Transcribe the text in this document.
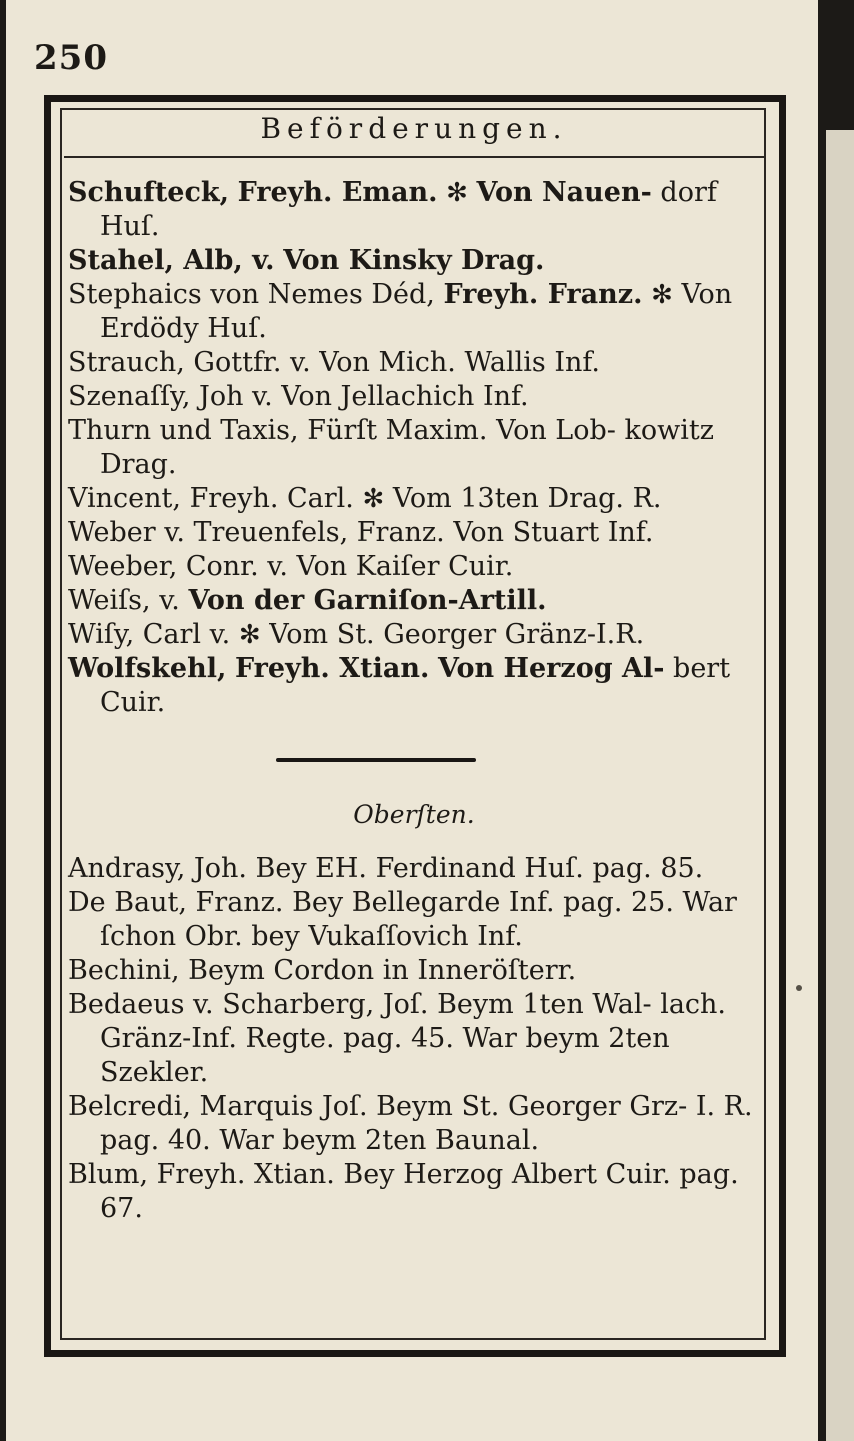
250
Beförderungen.

Schufteck, Freyh. Eman. ✻ Von Nauen- dorf Huſ.

Stahel, Alb, v. Von Kinsky Drag.

Stephaics von Nemes Déd, Freyh. Franz. ✻ Von Erdödy Huſ.

Strauch, Gottfr. v. Von Mich. Wallis Inf.

Szenaſſy, Joh v. Von Jellachich Inf.

Thurn und Taxis, Fürſt Maxim. Von Lob- kowitz Drag.

Vincent, Freyh. Carl. ✻ Vom 13ten Drag. R.

Weber v. Treuenfels, Franz. Von Stuart Inf.

Weeber, Conr. v. Von Kaiſer Cuir.

Weiſs, v. Von der Garniſon-Artill.

Wiſy, Carl v. ✻ Vom St. Georger Gränz-I.R.

Wolfskehl, Freyh. Xtian. Von Herzog Al- bert Cuir.

Oberſten.

Andrasy, Joh. Bey EH. Ferdinand Huſ. pag. 85.

De Baut, Franz. Bey Bellegarde Inf. pag. 25. War ſchon Obr. bey Vukaſſovich Inf.

Bechini, Beym Cordon in Inneröſterr.

Bedaeus v. Scharberg, Joſ. Beym 1ten Wal- lach. Gränz-Inf. Regte. pag. 45. War beym 2ten Szekler.

Belcredi, Marquis Joſ. Beym St. Georger Grz- I. R. pag. 40. War beym 2ten Baunal.

Blum, Freyh. Xtian. Bey Herzog Albert Cuir. pag. 67.
